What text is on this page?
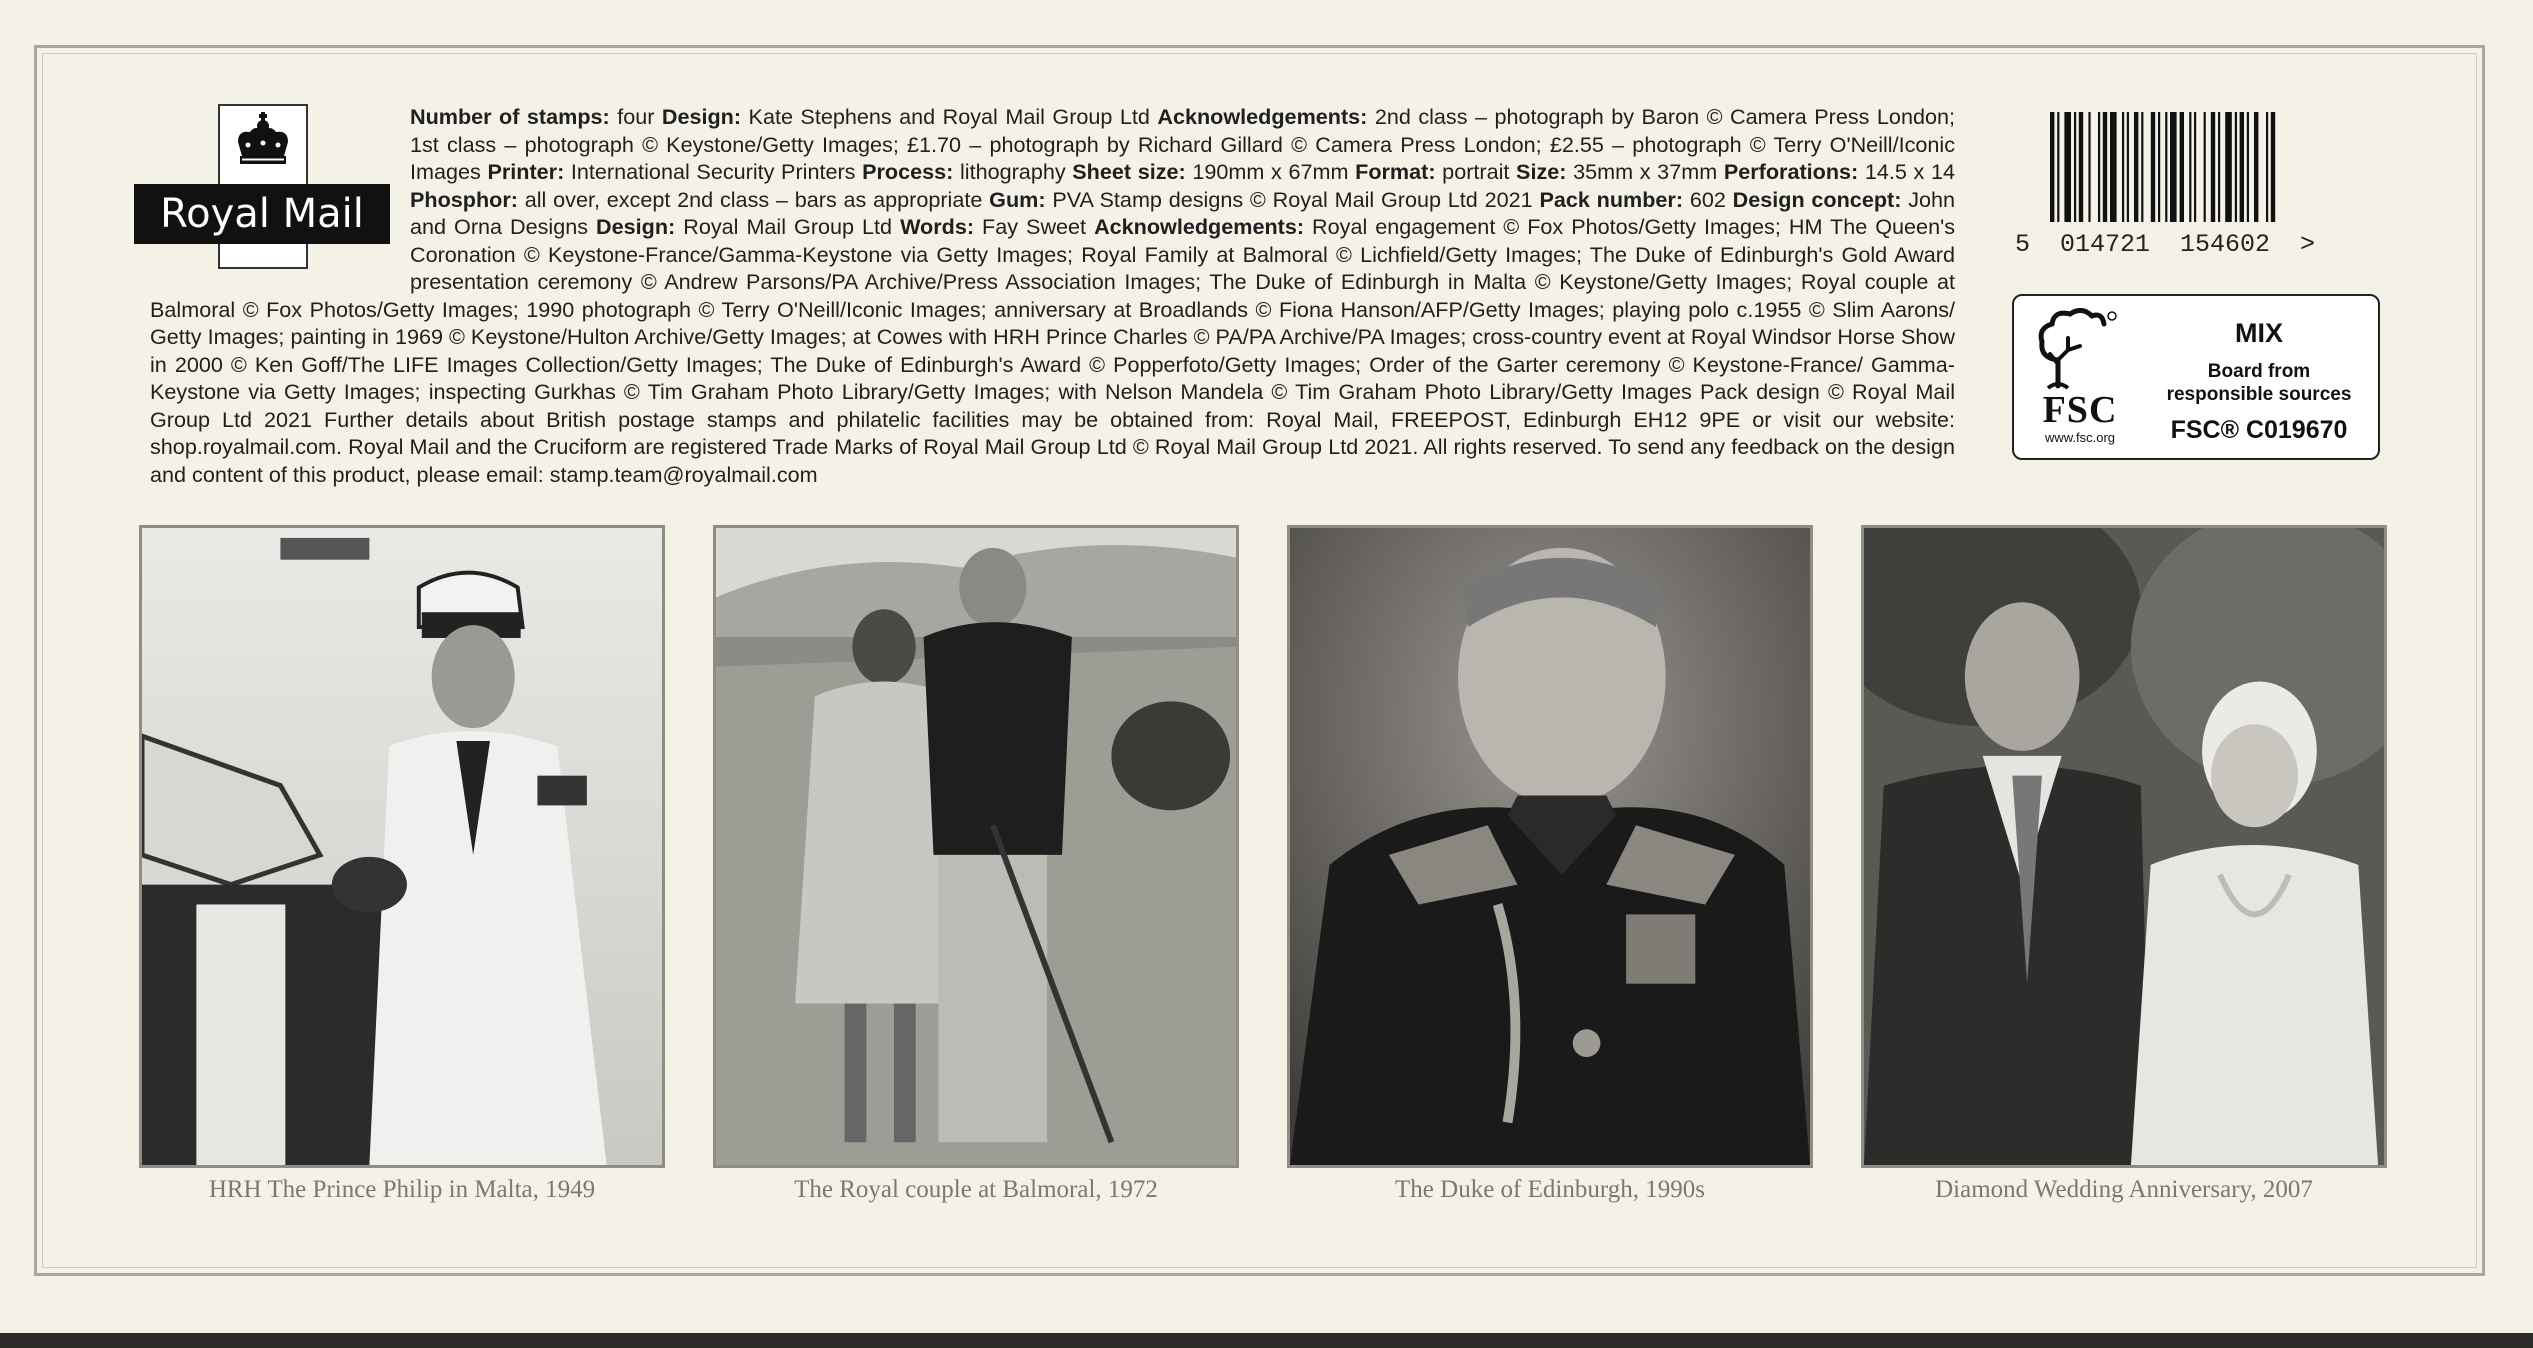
Number of stamps: four Design: Kate Stephens and Royal Mail Group Ltd Acknowledgements: 2nd class – photograph by Baron © Camera Press London; 1st class – photograph © Keystone/Getty Images; £1.70 – photograph by Richard Gillard © Camera Press London; £2.55 – photograph © Terry O'Neill/Iconic Images Printer: International Security Printers Process: lithography Sheet size: 190mm x 67mm Format: portrait Size: 35mm x 37mm Perforations: 14.5 x 14 Phosphor: all over, except 2nd class – bars as appropriate Gum: PVA Stamp designs © Royal Mail Group Ltd 2021 Pack number: 602 Design concept: John and Orna Designs Design: Royal Mail Group Ltd Words: Fay Sweet Acknowledgements: Royal engagement © Fox Photos/Getty Images; HM The Queen's Coronation © Keystone-France/Gamma-Keystone via Getty Images; Royal Family at Balmoral © Lichfield/Getty Images; The Duke of Edinburgh's Gold Award presentation ceremony © Andrew Parsons/PA Archive/Press Association Images; The Duke of Edinburgh in Malta © Keystone/Getty Images; Royal couple at Balmoral © Fox Photos/Getty Images; 1990 photograph © Terry O'Neill/Iconic Images; anniversary at Broadlands © Fiona Hanson/AFP/Getty Images; playing polo c.1955 © Slim Aarons/ Getty Images; painting in 1969 © Keystone/Hulton Archive/Getty Images; at Cowes with HRH Prince Charles © PA/PA Archive/PA Images; cross-country event at Royal Windsor Horse Show in 2000 © Ken Goff/The LIFE Images Collection/Getty Images; The Duke of Edinburgh's Award © Popperfoto/Getty Images; Order of the Garter ceremony © Keystone-France/ Gamma-Keystone via Getty Images; inspecting Gurkhas © Tim Graham Photo Library/Getty Images; with Nelson Mandela © Tim Graham Photo Library/Getty Images Pack design © Royal Mail Group Ltd 2021 Further details about British postage stamps and philatelic facilities may be obtained from: Royal Mail, FREEPOST, Edinburgh EH12 9PE or visit our website: shop.royalmail.com. Royal Mail and the Cruciform are registered Trade Marks of Royal Mail Group Ltd © Royal Mail Group Ltd 2021. All rights reserved. To send any feedback on the design and content of this product, please email: stamp.team@royalmail.com
Royal Mail
5  014721  154602  >
FSC
www.fsc.org
MIX
Board from
responsible sources
FSC® C019670
HRH The Prince Philip in Malta, 1949	The Royal couple at Balmoral, 1972	The Duke of Edinburgh, 1990s	Diamond Wedding Anniversary, 2007
